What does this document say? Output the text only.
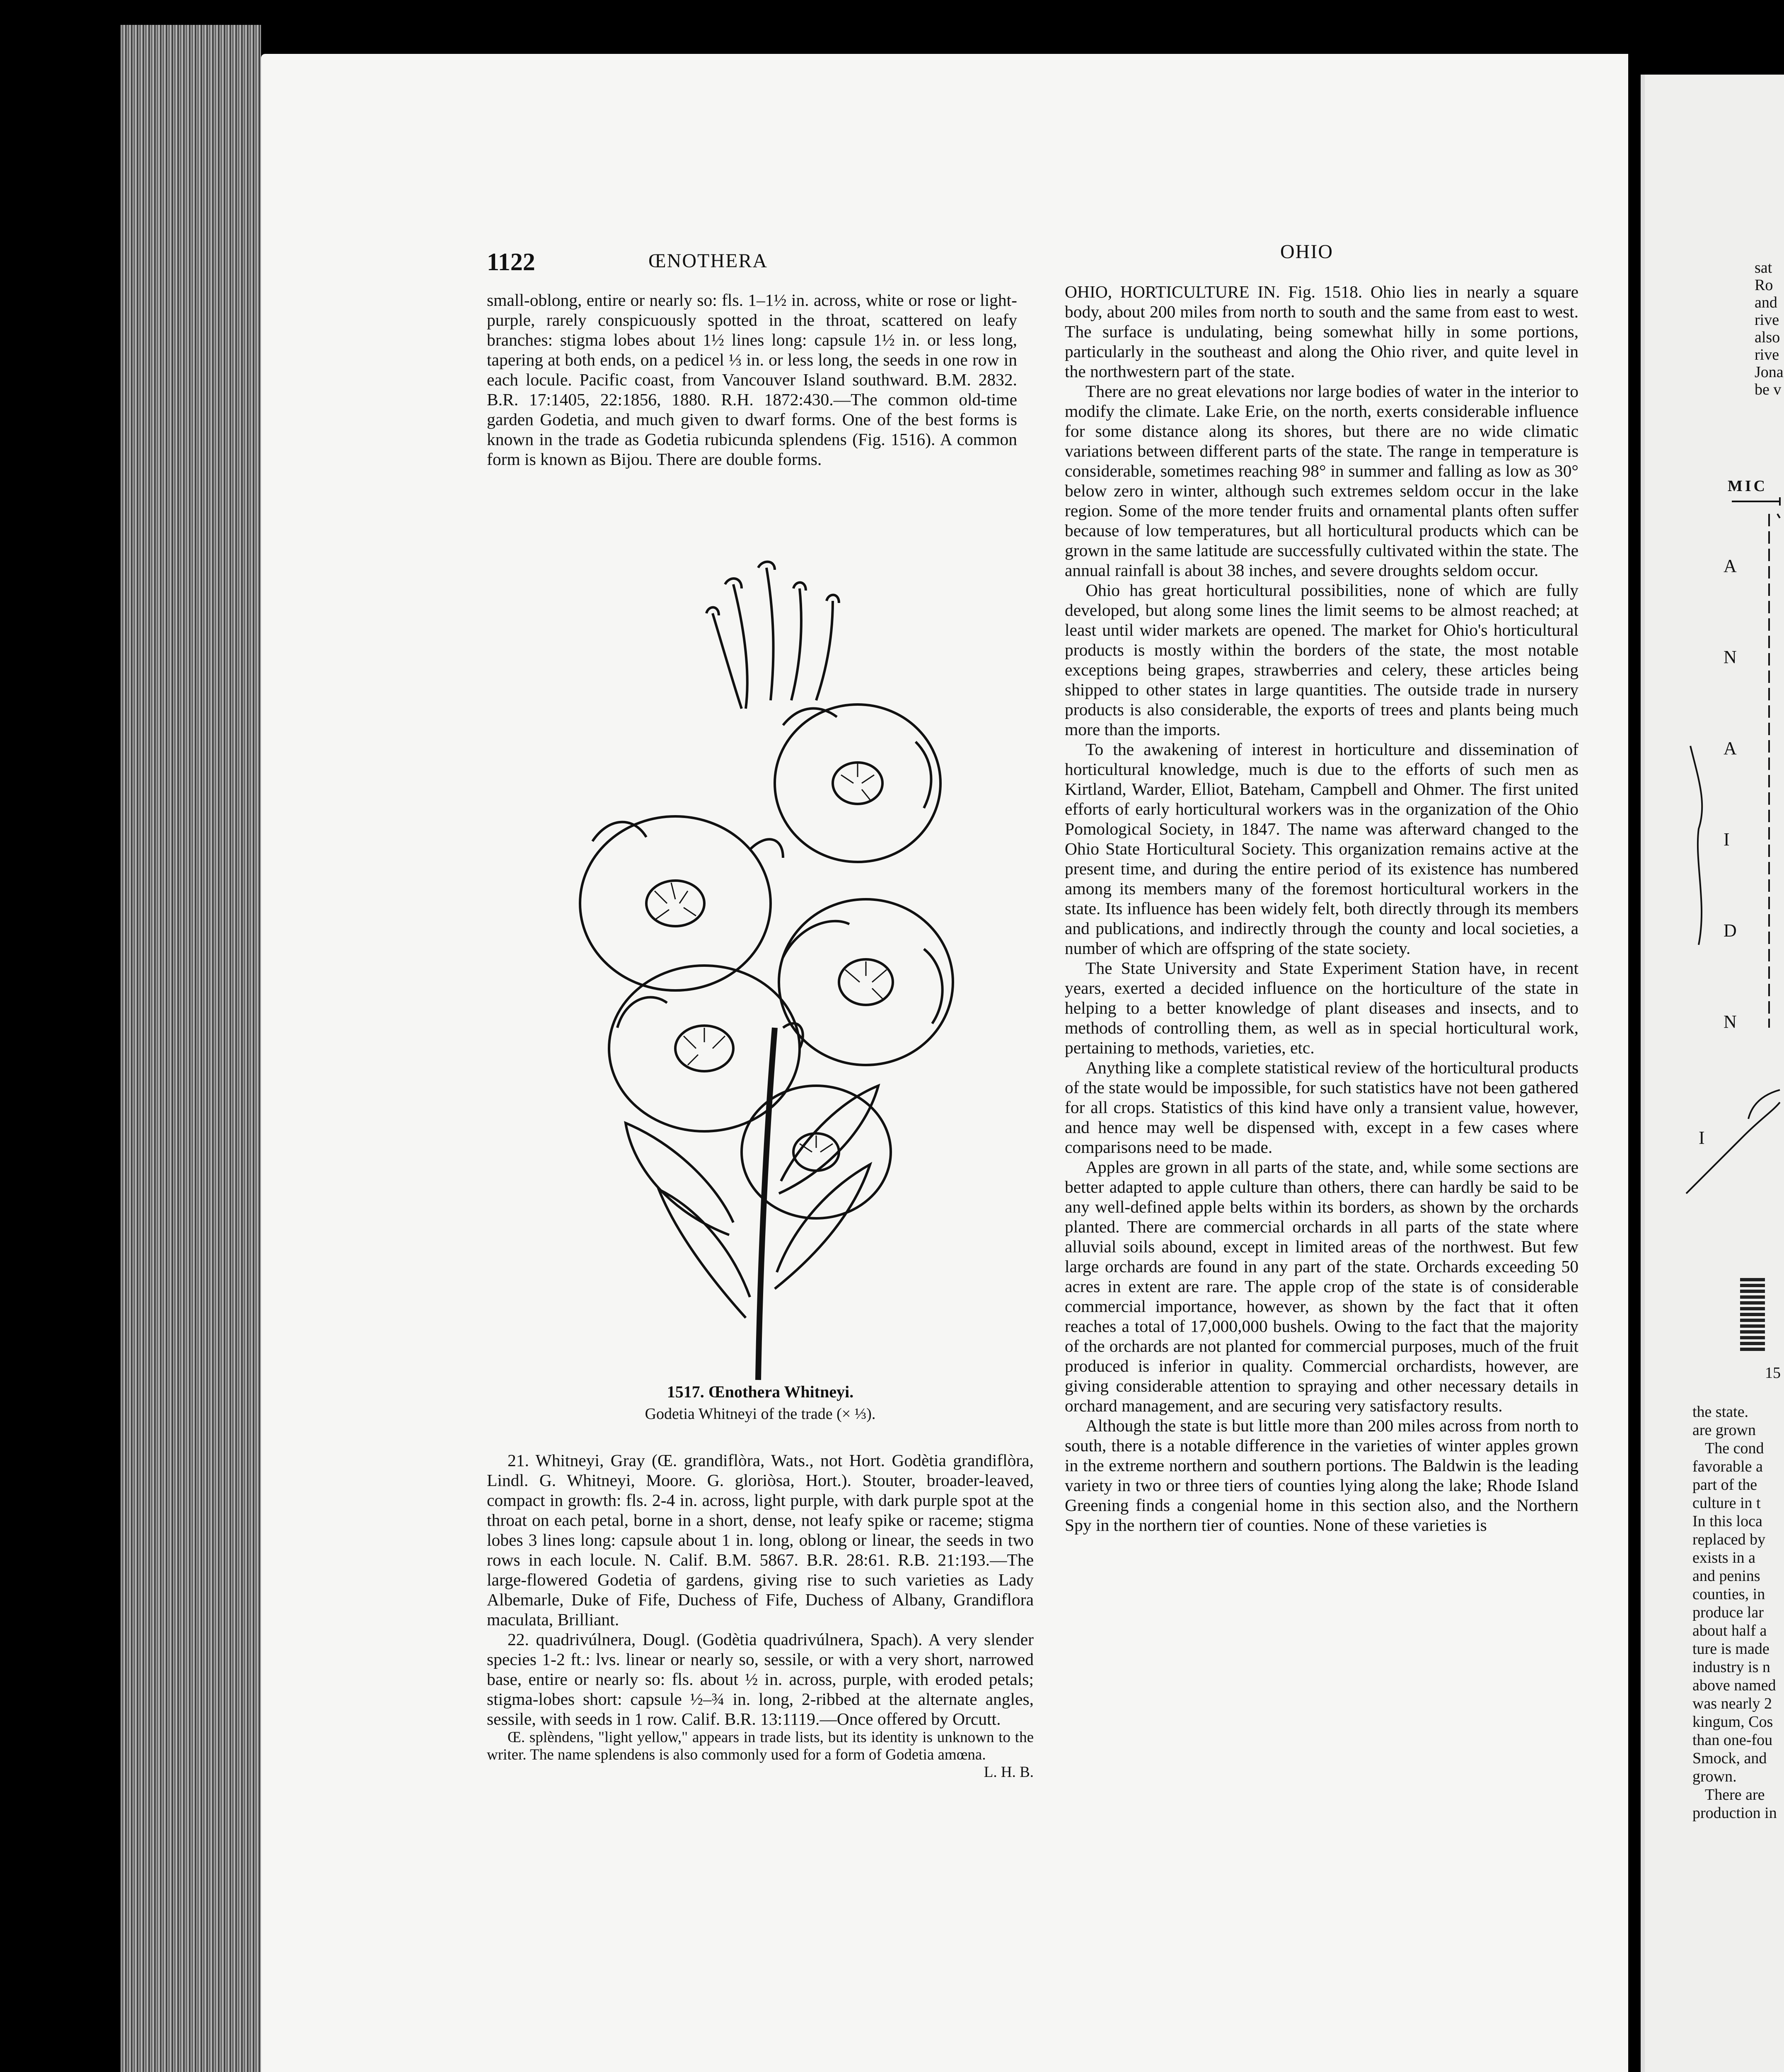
1122	ŒNOTHERA	OHIO

small-oblong, entire or nearly so: fls. 1–1½ in. across, white or rose or light-purple, rarely conspicuously spotted in the throat, scattered on leafy branches: stigma lobes about 1½ lines long: capsule 1½ in. or less long, tapering at both ends, on a pedicel ⅓ in. or less long, the seeds in one row in each locule. Pacific coast, from Vancouver Island southward. B.M. 2832. B.R. 17:1405, 22:1856, 1880. R.H. 1872:430.—The common old-time garden Godetia, and much given to dwarf forms. One of the best forms is known in the trade as Godetia rubicunda splendens (Fig. 1516). A common form is known as Bijou. There are double forms.

1517. Œnothera Whitneyi.
Godetia Whitneyi of the trade (× ⅓).

21. Whitneyi, Gray (Œ. grandiflòra, Wats., not Hort. Godètia grandiflòra, Lindl. G. Whitneyi, Moore. G. gloriòsa, Hort.). Stouter, broader-leaved, compact in growth: fls. 2-4 in. across, light purple, with dark purple spot at the throat on each petal, borne in a short, dense, not leafy spike or raceme; stigma lobes 3 lines long: capsule about 1 in. long, oblong or linear, the seeds in two rows in each locule. N. Calif. B.M. 5867. B.R. 28:61. R.B. 21:193.—The large-flowered Godetia of gardens, giving rise to such varieties as Lady Albemarle, Duke of Fife, Duchess of Fife, Duchess of Albany, Grandiflora maculata, Brilliant.

22. quadrivúlnera, Dougl. (Godètia quadrivúlnera, Spach). A very slender species 1-2 ft.: lvs. linear or nearly so, sessile, or with a very short, narrowed base, entire or nearly so: fls. about ½ in. across, purple, with eroded petals; stigma-lobes short: capsule ½–¾ in. long, 2-ribbed at the alternate angles, sessile, with seeds in 1 row. Calif. B.R. 13:1119.—Once offered by Orcutt.

Œ. splèndens, "light yellow," appears in trade lists, but its identity is unknown to the writer. The name splendens is also commonly used for a form of Godetia amœna.

L. H. B.

OHIO, HORTICULTURE IN. Fig. 1518. Ohio lies in nearly a square body, about 200 miles from north to south and the same from east to west. The surface is undulating, being somewhat hilly in some portions, particularly in the southeast and along the Ohio river, and quite level in the northwestern part of the state.

There are no great elevations nor large bodies of water in the interior to modify the climate. Lake Erie, on the north, exerts considerable influence for some distance along its shores, but there are no wide climatic variations between different parts of the state. The range in temperature is considerable, sometimes reaching 98° in summer and falling as low as 30° below zero in winter, although such extremes seldom occur in the lake region. Some of the more tender fruits and ornamental plants often suffer because of low temperatures, but all horticultural products which can be grown in the same latitude are successfully cultivated within the state. The annual rainfall is about 38 inches, and severe droughts seldom occur.

Ohio has great horticultural possibilities, none of which are fully developed, but along some lines the limit seems to be almost reached; at least until wider markets are opened. The market for Ohio's horticultural products is mostly within the borders of the state, the most notable exceptions being grapes, strawberries and celery, these articles being shipped to other states in large quantities. The outside trade in nursery products is also considerable, the exports of trees and plants being much more than the imports.

To the awakening of interest in horticulture and dissemination of horticultural knowledge, much is due to the efforts of such men as Kirtland, Warder, Elliot, Bateham, Campbell and Ohmer. The first united efforts of early horticultural workers was in the organization of the Ohio Pomological Society, in 1847. The name was afterward changed to the Ohio State Horticultural Society. This organization remains active at the present time, and during the entire period of its existence has numbered among its members many of the foremost horticultural workers in the state. Its influence has been widely felt, both directly through its members and publications, and indirectly through the county and local societies, a number of which are offspring of the state society.

The State University and State Experiment Station have, in recent years, exerted a decided influence on the horticulture of the state in helping to a better knowledge of plant diseases and insects, and to methods of controlling them, as well as in special horticultural work, pertaining to methods, varieties, etc.

Anything like a complete statistical review of the horticultural products of the state would be impossible, for such statistics have not been gathered for all crops. Statistics of this kind have only a transient value, however, and hence may well be dispensed with, except in a few cases where comparisons need to be made.

Apples are grown in all parts of the state, and, while some sections are better adapted to apple culture than others, there can hardly be said to be any well-defined apple belts within its borders, as shown by the orchards planted. There are commercial orchards in all parts of the state where alluvial soils abound, except in limited areas of the northwest. But few large orchards are found in any part of the state. Orchards exceeding 50 acres in extent are rare. The apple crop of the state is of considerable commercial importance, however, as shown by the fact that it often reaches a total of 17,000,000 bushels. Owing to the fact that the majority of the orchards are not planted for commercial purposes, much of the fruit produced is inferior in quality. Commercial orchardists, however, are giving considerable attention to spraying and other necessary details in orchard management, and are securing very satisfactory results.

Although the state is but little more than 200 miles across from north to south, there is a notable difference in the varieties of winter apples grown in the extreme northern and southern portions. The Baldwin is the leading variety in two or three tiers of counties lying along the lake; Rhode Island Greening finds a congenial home in this section also, and the Northern Spy in the northern tier of counties. None of these varieties is

sat
Ro
and
rive
also
rive
Jona
be v
MIC
A
N
A
I
D
N
I
15
the state.
are grown
The cond
favorable a
part of the
culture in t
In this loca
replaced by
exists in a
and penins
counties, in
produce lar
about half a
ture is made
industry is n
above named
was nearly 2
kingum, Cos
than one-fou
Smock, and
grown.
There are
production in
